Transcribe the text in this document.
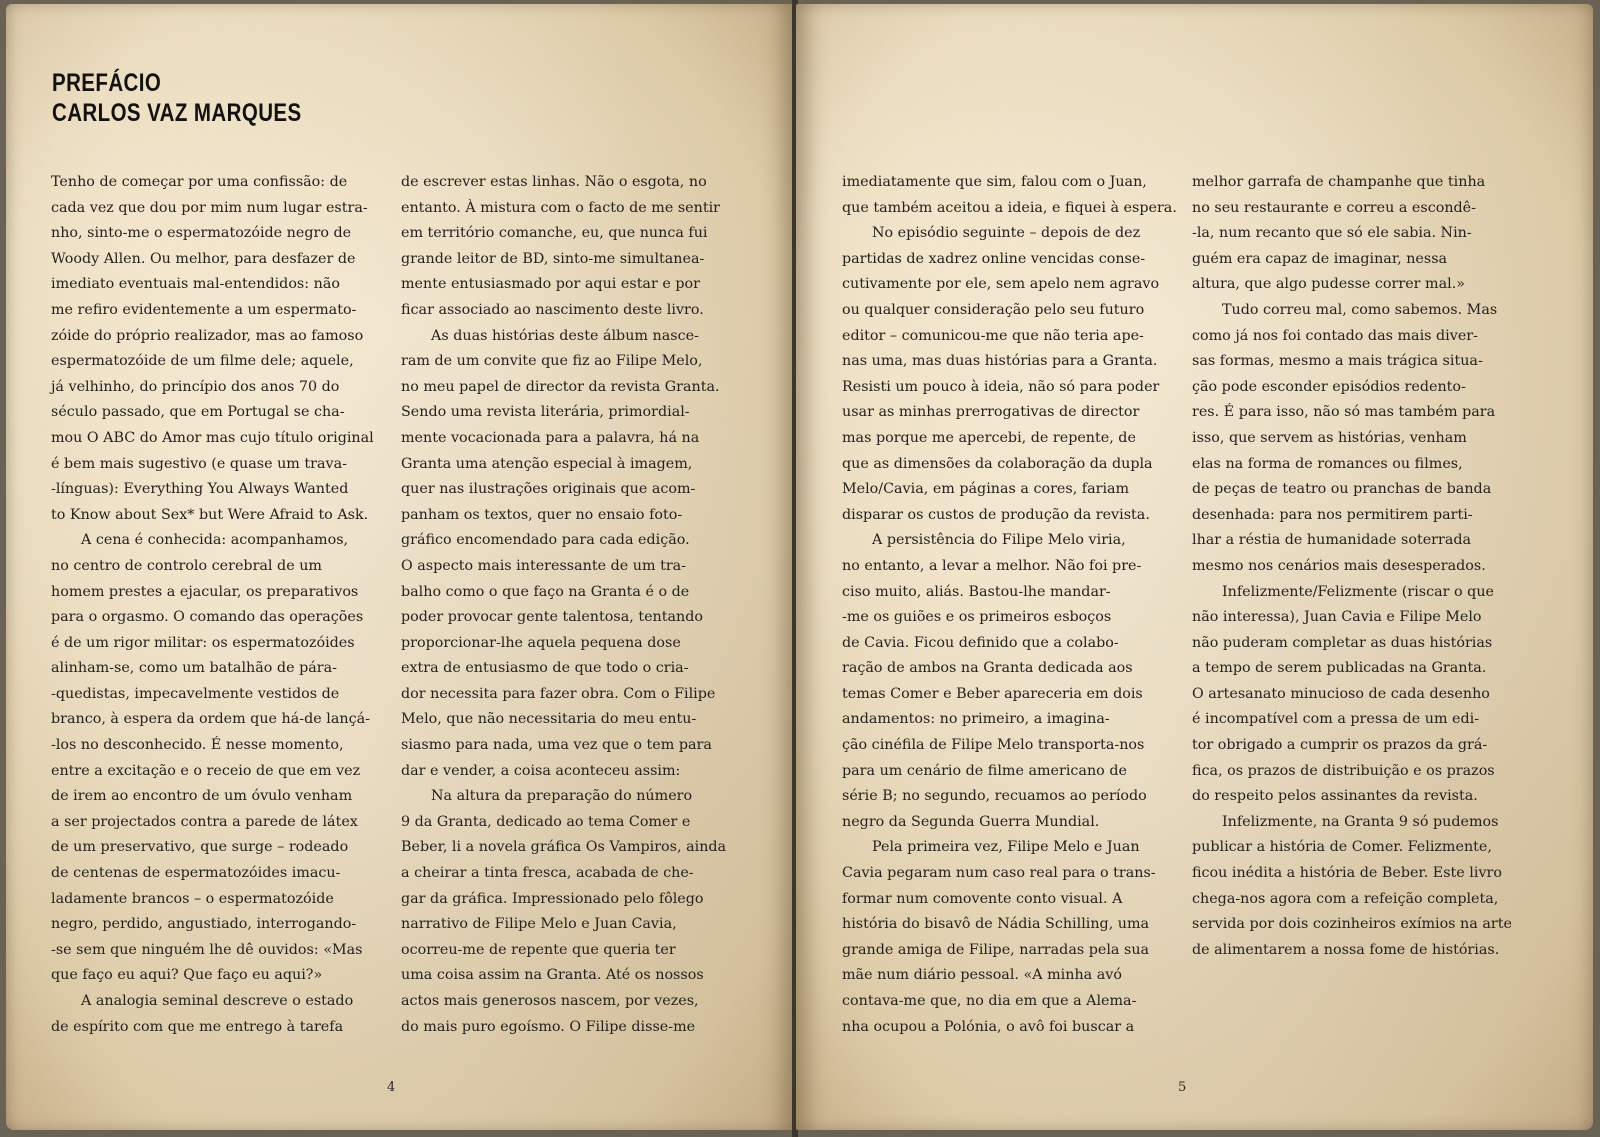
PREFÁCIO
CARLOS VAZ MARQUES

Tenho de começar por uma confissão: de
cada vez que dou por mim num lugar estra-
nho, sinto-me o espermatozóide negro de
Woody Allen. Ou melhor, para desfazer de
imediato eventuais mal-entendidos: não
me refiro evidentemente a um espermato-
zóide do próprio realizador, mas ao famoso
espermatozóide de um filme dele; aquele,
já velhinho, do princípio dos anos 70 do
século passado, que em Portugal se cha-
mou O ABC do Amor mas cujo título original
é bem mais sugestivo (e quase um trava-
-línguas): Everything You Always Wanted
to Know about Sex* but Were Afraid to Ask.

A cena é conhecida: acompanhamos,
no centro de controlo cerebral de um
homem prestes a ejacular, os preparativos
para o orgasmo. O comando das operações
é de um rigor militar: os espermatozóides
alinham-se, como um batalhão de pára-
-quedistas, impecavelmente vestidos de
branco, à espera da ordem que há-de lançá-
-los no desconhecido. É nesse momento,
entre a excitação e o receio de que em vez
de irem ao encontro de um óvulo venham
a ser projectados contra a parede de látex
de um preservativo, que surge – rodeado
de centenas de espermatozóides imacu-
ladamente brancos – o espermatozóide
negro, perdido, angustiado, interrogando-
-se sem que ninguém lhe dê ouvidos: «Mas
que faço eu aqui? Que faço eu aqui?»

A analogia seminal descreve o estado
de espírito com que me entrego à tarefa

de escrever estas linhas. Não o esgota, no
entanto. À mistura com o facto de me sentir
em território comanche, eu, que nunca fui
grande leitor de BD, sinto-me simultanea-
mente entusiasmado por aqui estar e por
ficar associado ao nascimento deste livro.

As duas histórias deste álbum nasce-
ram de um convite que fiz ao Filipe Melo,
no meu papel de director da revista Granta.
Sendo uma revista literária, primordial-
mente vocacionada para a palavra, há na
Granta uma atenção especial à imagem,
quer nas ilustrações originais que acom-
panham os textos, quer no ensaio foto-
gráfico encomendado para cada edição.
O aspecto mais interessante de um tra-
balho como o que faço na Granta é o de
poder provocar gente talentosa, tentando
proporcionar-lhe aquela pequena dose
extra de entusiasmo de que todo o cria-
dor necessita para fazer obra. Com o Filipe
Melo, que não necessitaria do meu entu-
siasmo para nada, uma vez que o tem para
dar e vender, a coisa aconteceu assim:

Na altura da preparação do número
9 da Granta, dedicado ao tema Comer e
Beber, li a novela gráfica Os Vampiros, ainda
a cheirar a tinta fresca, acabada de che-
gar da gráfica. Impressionado pelo fôlego
narrativo de Filipe Melo e Juan Cavia,
ocorreu-me de repente que queria ter
uma coisa assim na Granta. Até os nossos
actos mais generosos nascem, por vezes,
do mais puro egoísmo. O Filipe disse-me

4

imediatamente que sim, falou com o Juan,
que também aceitou a ideia, e fiquei à espera.

No episódio seguinte – depois de dez
partidas de xadrez online vencidas conse-
cutivamente por ele, sem apelo nem agravo
ou qualquer consideração pelo seu futuro
editor – comunicou-me que não teria ape-
nas uma, mas duas histórias para a Granta.
Resisti um pouco à ideia, não só para poder
usar as minhas prerrogativas de director
mas porque me apercebi, de repente, de
que as dimensões da colaboração da dupla
Melo/Cavia, em páginas a cores, fariam
disparar os custos de produção da revista.

A persistência do Filipe Melo viria,
no entanto, a levar a melhor. Não foi pre-
ciso muito, aliás. Bastou-lhe mandar-
-me os guiões e os primeiros esboços
de Cavia. Ficou definido que a colabo-
ração de ambos na Granta dedicada aos
temas Comer e Beber apareceria em dois
andamentos: no primeiro, a imagina-
ção cinéfila de Filipe Melo transporta-nos
para um cenário de filme americano de
série B; no segundo, recuamos ao período
negro da Segunda Guerra Mundial.

Pela primeira vez, Filipe Melo e Juan
Cavia pegaram num caso real para o trans-
formar num comovente conto visual. A
história do bisavô de Nádia Schilling, uma
grande amiga de Filipe, narradas pela sua
mãe num diário pessoal. «A minha avó
contava-me que, no dia em que a Alema-
nha ocupou a Polónia, o avô foi buscar a

melhor garrafa de champanhe que tinha
no seu restaurante e correu a escondê-
-la, num recanto que só ele sabia. Nin-
guém era capaz de imaginar, nessa
altura, que algo pudesse correr mal.»

Tudo correu mal, como sabemos. Mas
como já nos foi contado das mais diver-
sas formas, mesmo a mais trágica situa-
ção pode esconder episódios redento-
res. É para isso, não só mas também para
isso, que servem as histórias, venham
elas na forma de romances ou filmes,
de peças de teatro ou pranchas de banda
desenhada: para nos permitirem parti-
lhar a réstia de humanidade soterrada
mesmo nos cenários mais desesperados.

Infelizmente/Felizmente (riscar o que
não interessa), Juan Cavia e Filipe Melo
não puderam completar as duas histórias
a tempo de serem publicadas na Granta.
O artesanato minucioso de cada desenho
é incompatível com a pressa de um edi-
tor obrigado a cumprir os prazos da grá-
fica, os prazos de distribuição e os prazos
do respeito pelos assinantes da revista.

Infelizmente, na Granta 9 só pudemos
publicar a história de Comer. Felizmente,
ficou inédita a história de Beber. Este livro
chega-nos agora com a refeição completa,
servida por dois cozinheiros exímios na arte
de alimentarem a nossa fome de histórias.

5
